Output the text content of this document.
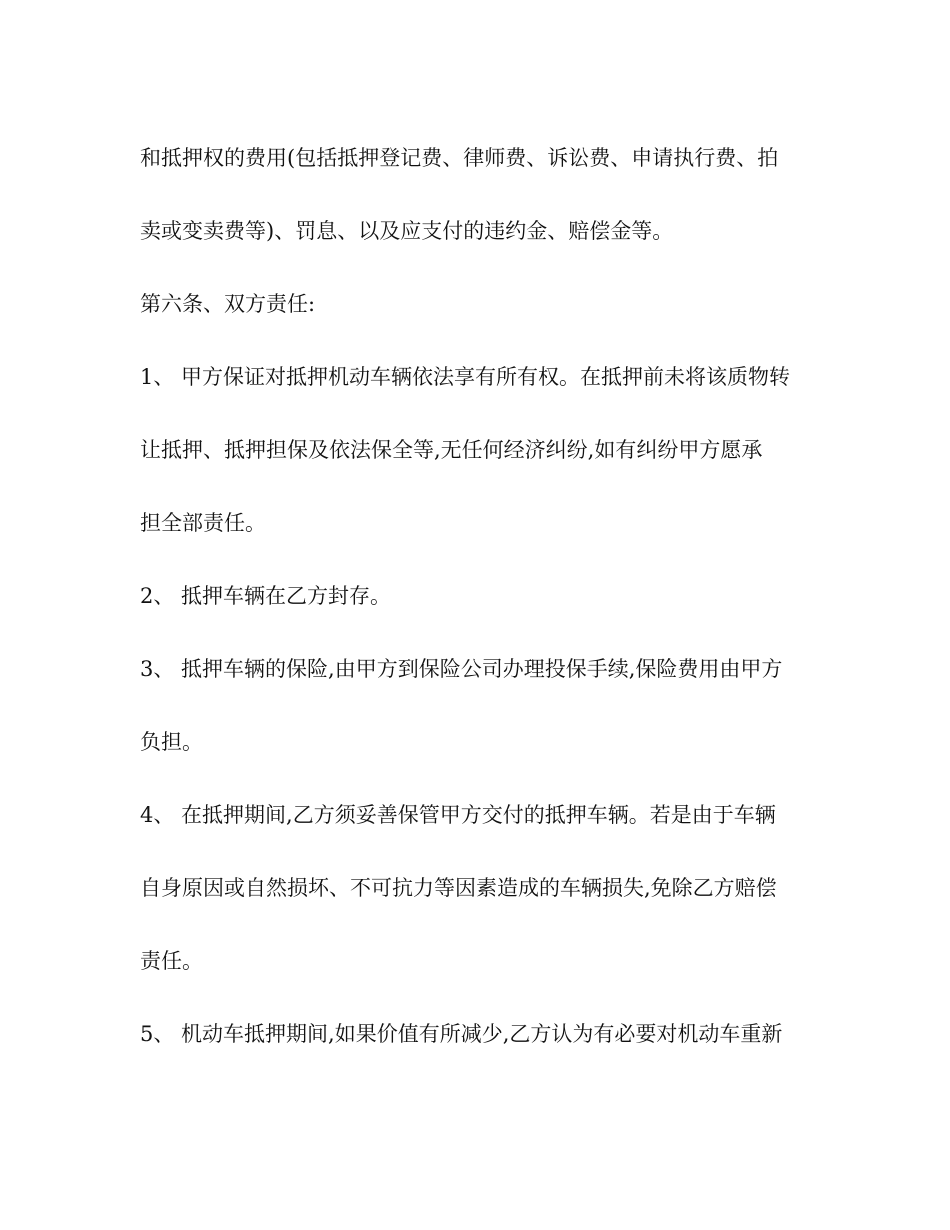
和抵押权的费用(包括抵押登记费、律师费、诉讼费、申请执行费、拍

卖或变卖费等)、罚息、以及应支付的违约金、赔偿金等。

第六条、双方责任:

1、 甲方保证对抵押机动车辆依法享有所有权。在抵押前未将该质物转

让抵押、抵押担保及依法保全等,无任何经济纠纷,如有纠纷甲方愿承

担全部责任。

2、 抵押车辆在乙方封存。

3、 抵押车辆的保险,由甲方到保险公司办理投保手续,保险费用由甲方

负担。

4、 在抵押期间,乙方须妥善保管甲方交付的抵押车辆。若是由于车辆

自身原因或自然损坏、不可抗力等因素造成的车辆损失,免除乙方赔偿

责任。

5、 机动车抵押期间,如果价值有所减少,乙方认为有必要对机动车重新
